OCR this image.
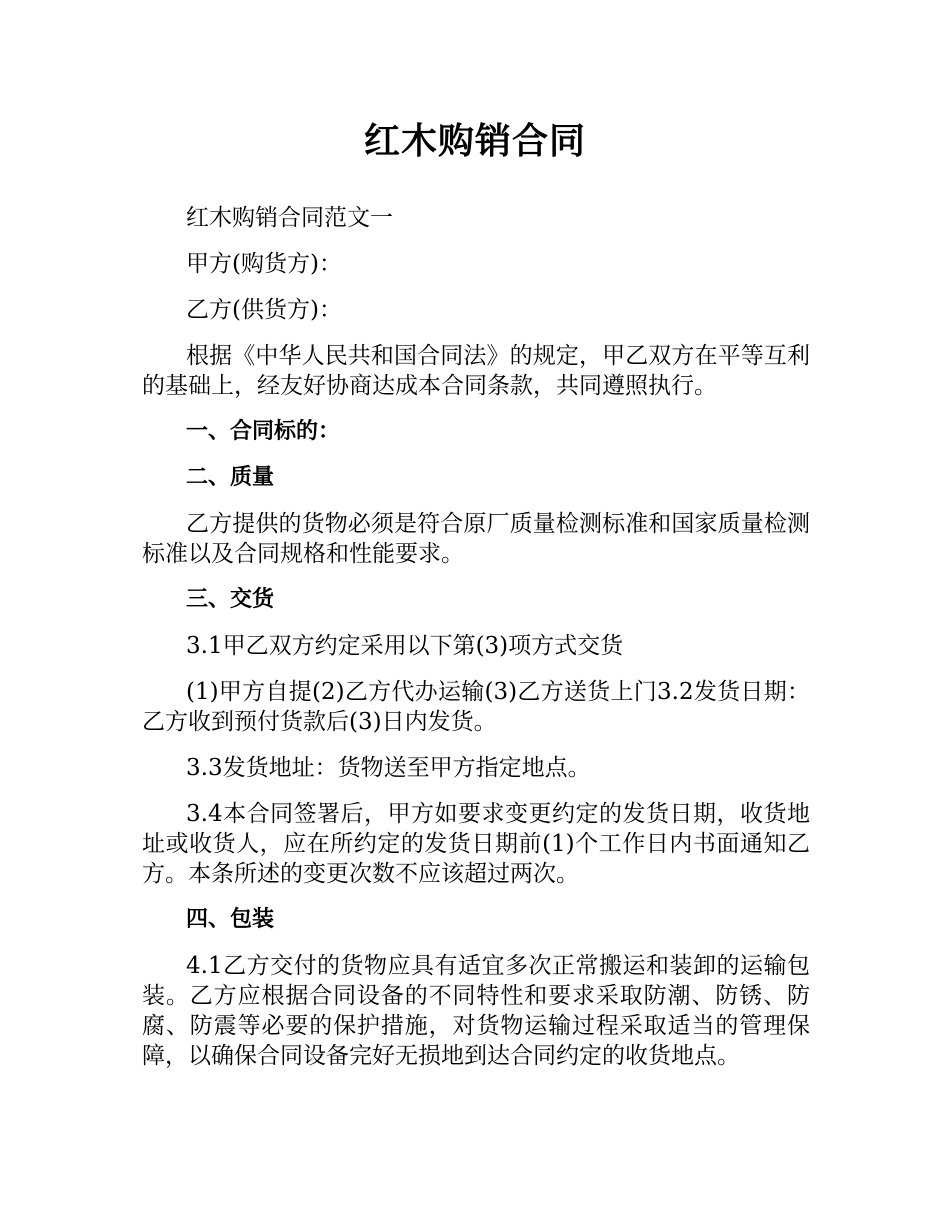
红木购销合同

红木购销合同范文一

甲方(购货方)：

乙方(供货方)：

根据《中华人民共和国合同法》的规定，甲乙双方在平等互利的基础上，经友好协商达成本合同条款，共同遵照执行。

一、合同标的：

二、质量

乙方提供的货物必须是符合原厂质量检测标准和国家质量检测标准以及合同规格和性能要求。

三、交货

3.1甲乙双方约定采用以下第(3)项方式交货

(1)甲方自提(2)乙方代办运输(3)乙方送货上门3.2发货日期：乙方收到预付货款后(3)日内发货。

3.3发货地址：货物送至甲方指定地点。

3.4本合同签署后，甲方如要求变更约定的发货日期，收货地址或收货人，应在所约定的发货日期前(1)个工作日内书面通知乙方。本条所述的变更次数不应该超过两次。

四、包装

4.1乙方交付的货物应具有适宜多次正常搬运和装卸的运输包装。乙方应根据合同设备的不同特性和要求采取防潮、防锈、防腐、防震等必要的保护措施，对货物运输过程采取适当的管理保障，以确保合同设备完好无损地到达合同约定的收货地点。
